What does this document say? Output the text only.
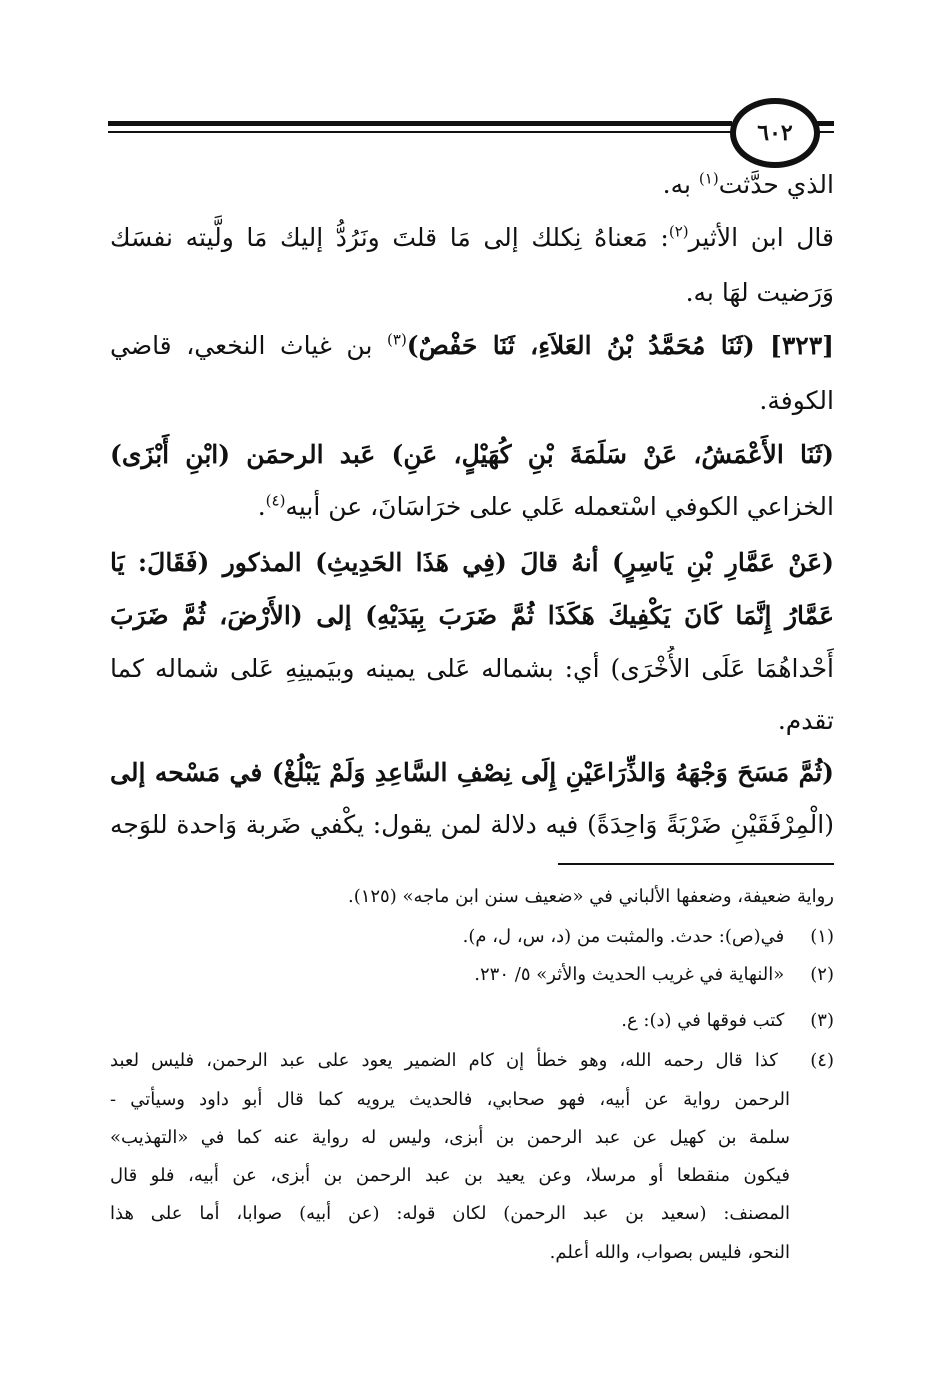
٦٠٢
الذي حدَّثت$^{(١)}$ به.
قال ابن الأثير$^{(٢)}$: مَعناهُ نِكلك إلى مَا قلتَ ونَرُدُّ إليك مَا ولَّيته نفسَك
وَرَضيت لهَا به.
[٣٢٣] (ثَنَا مُحَمَّدُ بْنُ العَلاَءِ، ثَنَا حَفْصٌ)$^{(٣)}$ بن غياث النخعي، قاضي
الكوفة.
(ثَنَا الأَعْمَشُ، عَنْ سَلَمَةَ بْنِ كُهَيْلٍ، عَنِ) عَبد الرحمَن (ابْنِ أَبْزَى)
الخزاعي الكوفي اسْتعمله عَلي على خرَاسَانَ، عن أبيه$^{(٤)}$.
(عَنْ عَمَّارِ بْنِ يَاسِرٍ) أنهُ قالَ (فِي هَذَا الحَدِيثِ) المذكور (فَقَالَ: يَا
عَمَّارُ إِنَّمَا كَانَ يَكْفِيكَ هَكَذَا ثُمَّ ضَرَبَ بِيَدَيْهِ) إلى (الأَرْضَ، ثُمَّ ضَرَبَ
أَحْداهُمَا عَلَى الأُخْرَى) أي: بشماله عَلى يمينه وبيَمينِهِ عَلى شماله كما
تقدم.
(ثُمَّ مَسَحَ وَجْهَهُ وَالذِّرَاعَيْنِ إِلَى نِصْفِ السَّاعِدِ وَلَمْ يَبْلُغْ) في مَسْحه إلى
(الْمِرْفَقَيْنِ ضَرْبَةً وَاحِدَةً) فيه دلالة لمن يقول: يكْفي ضَربة وَاحدة للوَجه
رواية ضعيفة، وضعفها الألباني في «ضعيف سنن ابن ماجه» (١٢٥).
(١) في(ص): حدث. والمثبت من (د، س، ل، م).
(٢) «النهاية في غريب الحديث والأثر» ٥/ ٢٣٠.
(٣) كتب فوقها في (د): ع.
(٤) كذا قال رحمه الله، وهو خطأ إن كام الضمير يعود على عبد الرحمن، فليس لعبد
الرحمن رواية عن أبيه، فهو صحابي، فالحديث يرويه كما قال أبو داود وسيأتي -
سلمة بن كهيل عن عبد الرحمن بن أبزى، وليس له رواية عنه كما في «التهذيب»
فيكون منقطعا أو مرسلا، وعن يعيد بن عبد الرحمن بن أبزى، عن أبيه، فلو قال
المصنف: (سعيد بن عبد الرحمن) لكان قوله: (عن أبيه) صوابا، أما على هذا
النحو، فليس بصواب، والله أعلم.
